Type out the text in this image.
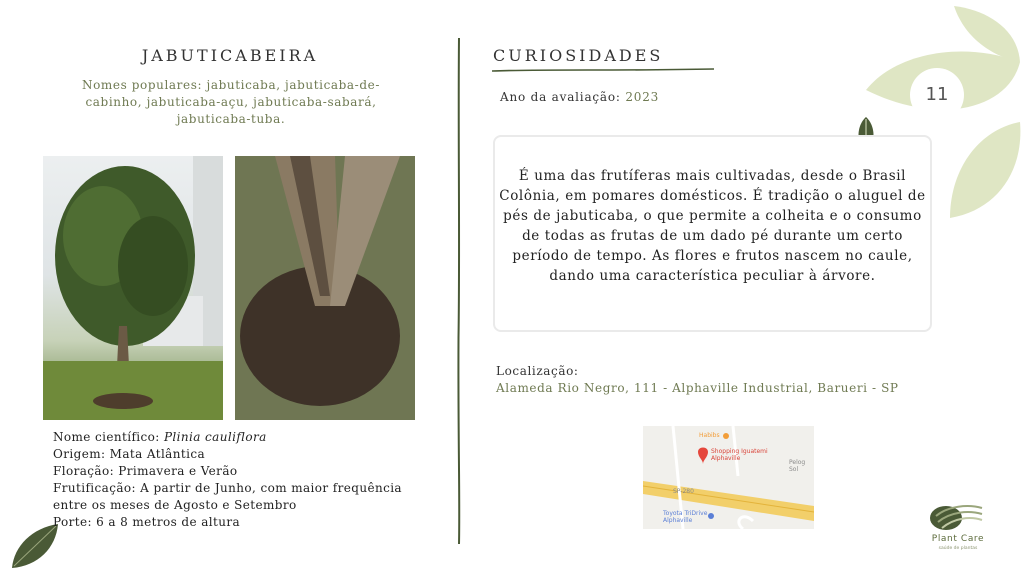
11
JABUTICABEIRA
Nomes populares: jabuticaba, jabuticaba-de-cabinho, jabuticaba-açu, jabuticaba-sabará, jabuticaba-tuba.
Nome científico: Plinia cauliflora
Origem: Mata Atlântica
Floração: Primavera e Verão
Frutificação: A partir de Junho, com maior frequência entre os meses de Agosto e Setembro
Porte: 6 a 8 metros de altura
CURIOSIDADES
Ano da avaliação: 2023
É uma das frutíferas mais cultivadas, desde o Brasil Colônia, em pomares domésticos. É tradição o aluguel de pés de jabuticaba, o que permite a colheita e o consumo de todas as frutas de um dado pé durante um certo período de tempo. As flores e frutos nascem no caule, dando uma característica peculiar à árvore.
Localização:
Alameda Rio Negro, 111 - Alphaville Industrial, Barueri - SP
Habibs
Shopping Iguatemi Alphaville
Pelog Sol
SP-280
Toyota TriDrive Alphaville
Plant Care
saúde de plantas
